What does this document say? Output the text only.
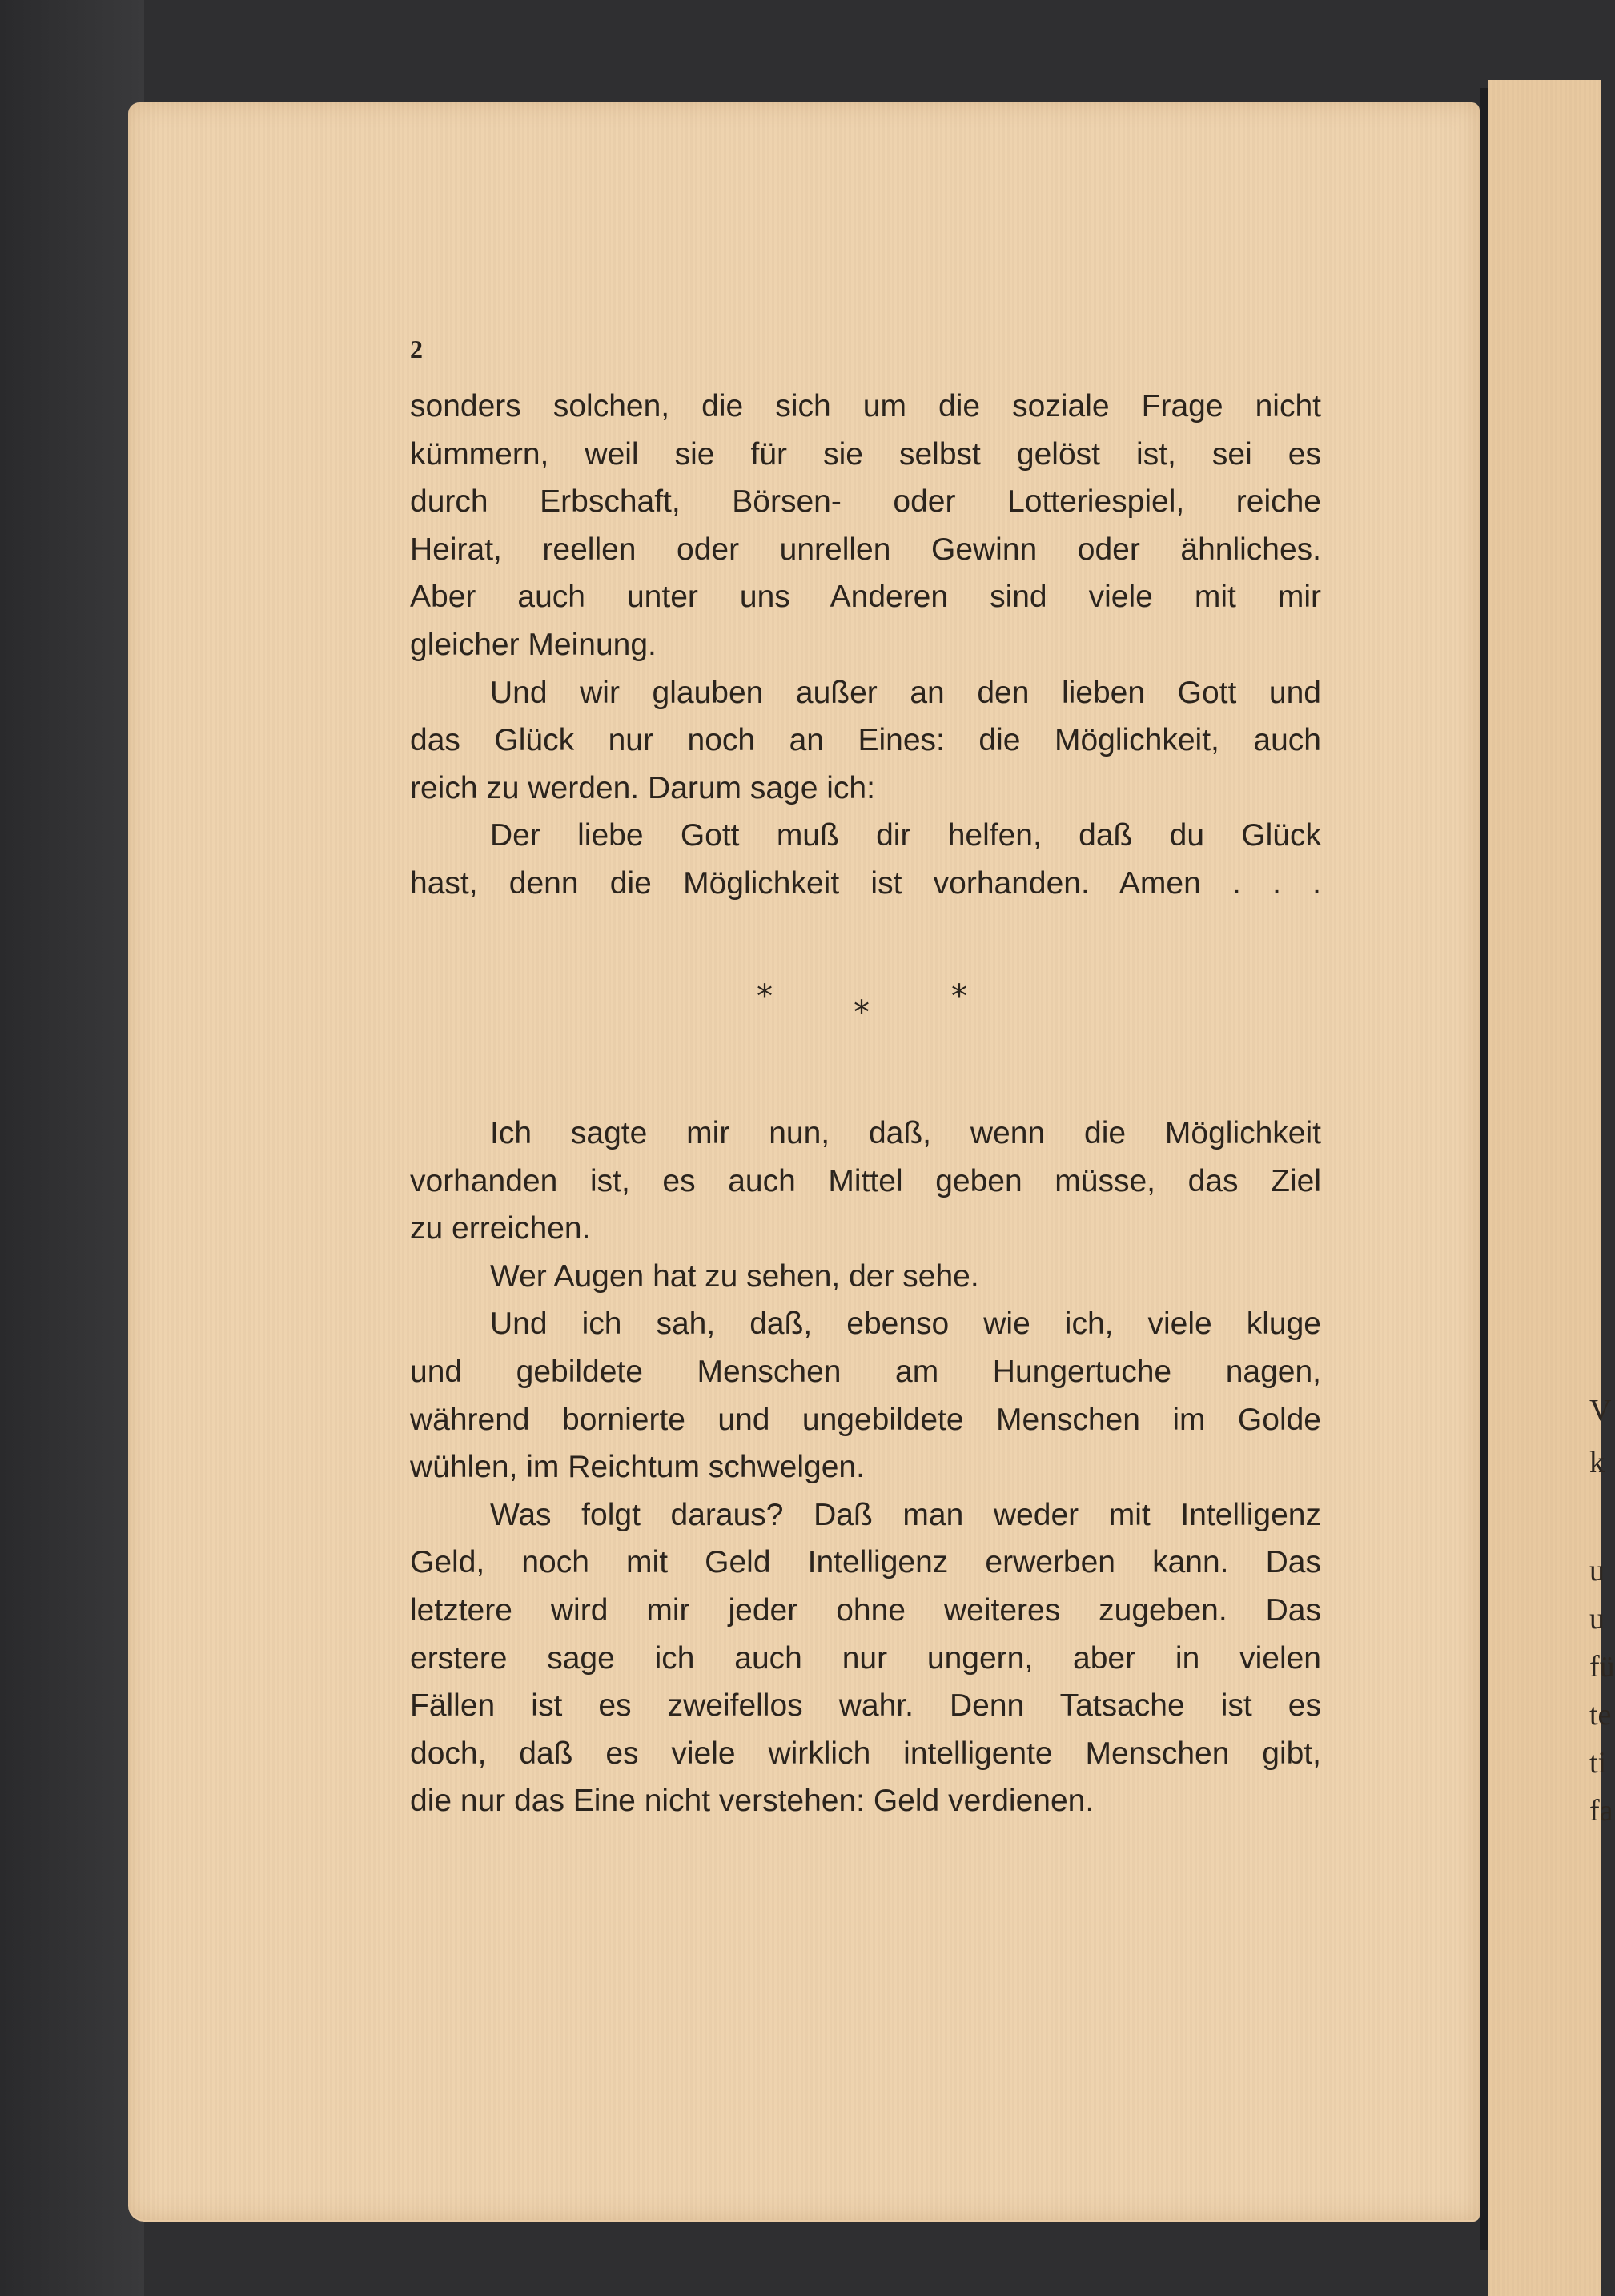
2
sonders solchen, die sich um die soziale Frage nicht
kümmern, weil sie für sie selbst gelöst ist, sei es
durch Erbschaft, Börsen- oder Lotteriespiel, reiche
Heirat, reellen oder unrellen Gewinn oder ähnliches.
Aber auch unter uns Anderen sind viele mit mir
gleicher Meinung.
Und wir glauben außer an den lieben Gott und
das Glück nur noch an Eines: die Möglichkeit, auch
reich zu werden. Darum sage ich:
Der liebe Gott muß dir helfen, daß du Glück
hast, denn die Möglichkeit ist vorhanden. Amen . . .
*	*	*
Ich sagte mir nun, daß, wenn die Möglichkeit
vorhanden ist, es auch Mittel geben müsse, das Ziel
zu erreichen.
Wer Augen hat zu sehen, der sehe.
Und ich sah, daß, ebenso wie ich, viele kluge
und gebildete Menschen am Hungertuche nagen,
während bornierte und ungebildete Menschen im Golde
wühlen, im Reichtum schwelgen.
Was folgt daraus? Daß man weder mit Intelligenz
Geld, noch mit Geld Intelligenz erwerben kann. Das
letztere wird mir jeder ohne weiteres zugeben. Das
erstere sage ich auch nur ungern, aber in vielen
Fällen ist es zweifellos wahr. Denn Tatsache ist es
doch, daß es viele wirklich intelligente Menschen gibt,
die nur das Eine nicht verstehen: Geld verdienen.
V
k
u
u
fü
te
ti
fa
